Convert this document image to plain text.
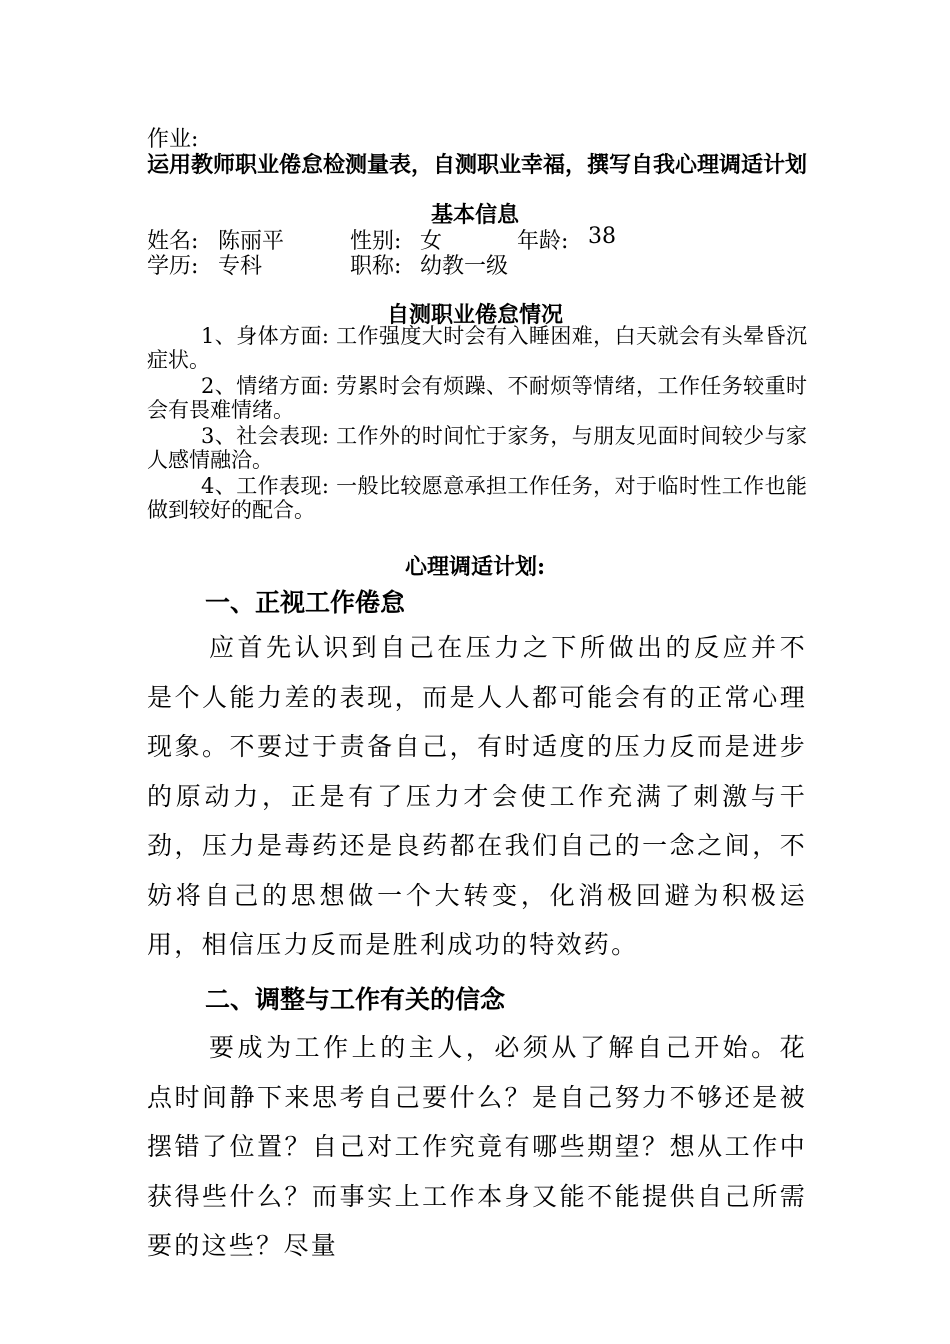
作业:
运用教师职业倦怠检测量表，自测职业幸福，撰写自我心理调适计划
基本信息
姓名: 陈丽平	性别: 女	年龄: 38
学历: 专科	职称: 幼教一级
自测职业倦怠情况
1、身体方面: 工作强度大时会有入睡困难，白天就会有头晕昏沉症状。
2、情绪方面: 劳累时会有烦躁、不耐烦等情绪，工作任务较重时会有畏难情绪。
3、社会表现: 工作外的时间忙于家务，与朋友见面时间较少与家人感情融洽。
4、工作表现: 一般比较愿意承担工作任务，对于临时性工作也能做到较好的配合。
心理调适计划:
一、正视工作倦怠
应首先认识到自己在压力之下所做出的反应并不是个人能力差的表现，而是人人都可能会有的正常心理现象。不要过于责备自己，有时适度的压力反而是进步的原动力，正是有了压力才会使工作充满了刺激与干劲，压力是毒药还是良药都在我们自己的一念之间，不妨将自己的思想做一个大转变，化消极回避为积极运用，相信压力反而是胜利成功的特效药。
二、调整与工作有关的信念
要成为工作上的主人，必须从了解自己开始。花点时间静下来思考自己要什么？是自己努力不够还是被摆错了位置？自己对工作究竟有哪些期望？想从工作中获得些什么？而事实上工作本身又能不能提供自己所需要的这些？尽量
